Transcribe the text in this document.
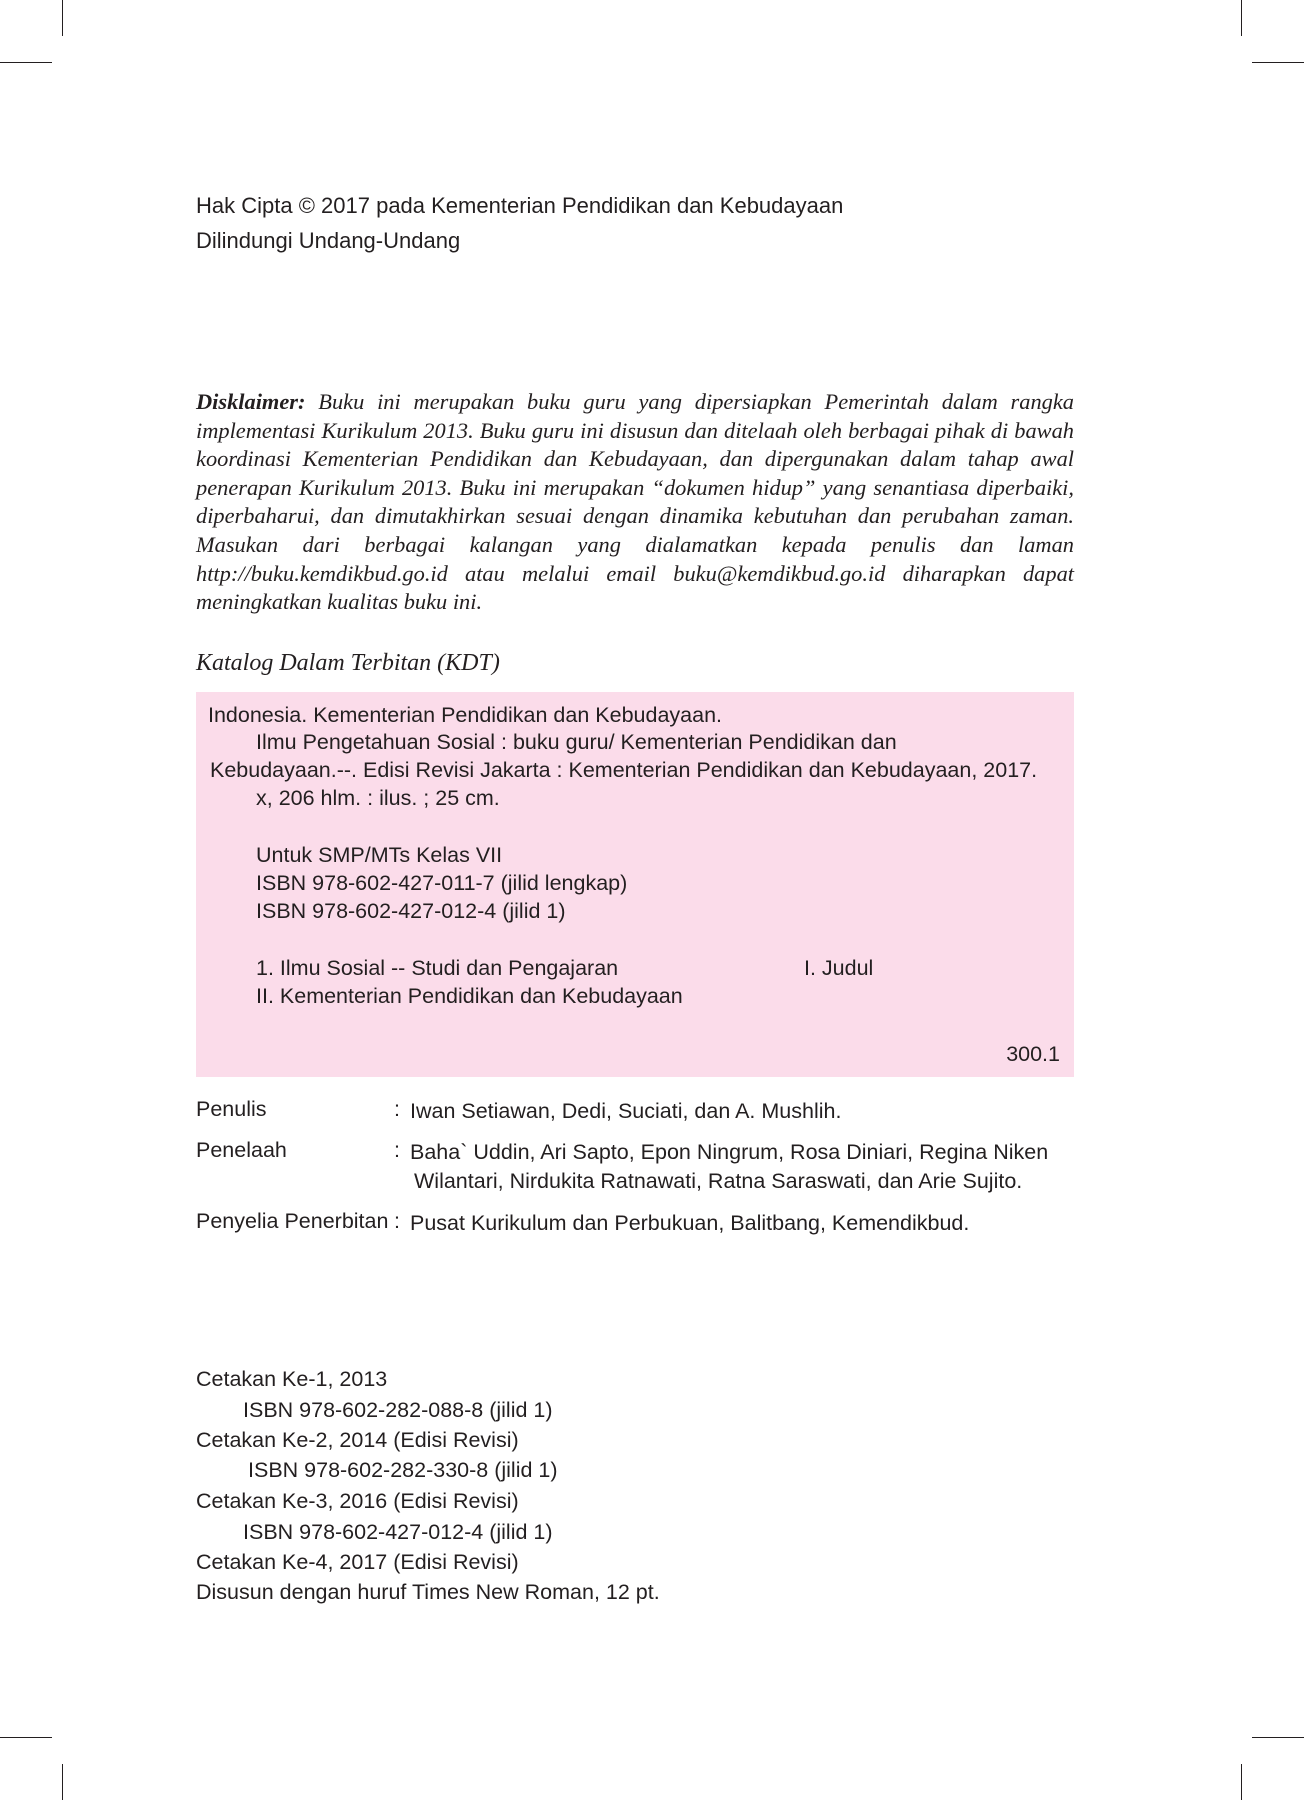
Hak Cipta © 2017 pada Kementerian Pendidikan dan Kebudayaan
Dilindungi Undang-Undang
Disklaimer: Buku ini merupakan buku guru yang dipersiapkan Pemerintah dalam rangka implementasi Kurikulum 2013. Buku guru ini disusun dan ditelaah oleh berbagai pihak di bawah koordinasi Kementerian Pendidikan dan Kebudayaan, dan dipergunakan dalam tahap awal penerapan Kurikulum 2013. Buku ini merupakan “dokumen hidup” yang senantiasa diperbaiki, diperbaharui, dan dimutakhirkan sesuai dengan dinamika kebutuhan dan perubahan zaman. Masukan dari berbagai kalangan yang dialamatkan kepada penulis dan laman http://buku.kemdikbud.go.id atau melalui email buku@kemdikbud.go.id diharapkan dapat meningkatkan kualitas buku ini.
Katalog Dalam Terbitan (KDT)
Indonesia. Kementerian Pendidikan dan Kebudayaan.
Ilmu Pengetahuan Sosial : buku guru/ Kementerian Pendidikan dan
Kebudayaan.--. Edisi Revisi Jakarta : Kementerian Pendidikan dan Kebudayaan, 2017.
x, 206 hlm. : ilus. ; 25 cm.
Untuk SMP/MTs Kelas VII
ISBN 978-602-427-011-7 (jilid lengkap)
ISBN 978-602-427-012-4 (jilid 1)
1. Ilmu Sosial -- Studi dan Pengajaran	I. Judul
II. Kementerian Pendidikan dan Kebudayaan
300.1
Penulis	: Iwan Setiawan, Dedi, Suciati, dan A. Mushlih.
Penelaah	: Baha` Uddin, Ari Sapto, Epon Ningrum, Rosa Diniari, Regina Niken
Wilantari, Nirdukita Ratnawati, Ratna Saraswati, dan Arie Sujito.
Penyelia Penerbitan : Pusat Kurikulum dan Perbukuan, Balitbang, Kemendikbud.
Cetakan Ke-1, 2013
ISBN 978-602-282-088-8 (jilid 1)
Cetakan Ke-2, 2014 (Edisi Revisi)
ISBN 978-602-282-330-8 (jilid 1)
Cetakan Ke-3, 2016 (Edisi Revisi)
ISBN 978-602-427-012-4 (jilid 1)
Cetakan Ke-4, 2017 (Edisi Revisi)
Disusun dengan huruf Times New Roman, 12 pt.
